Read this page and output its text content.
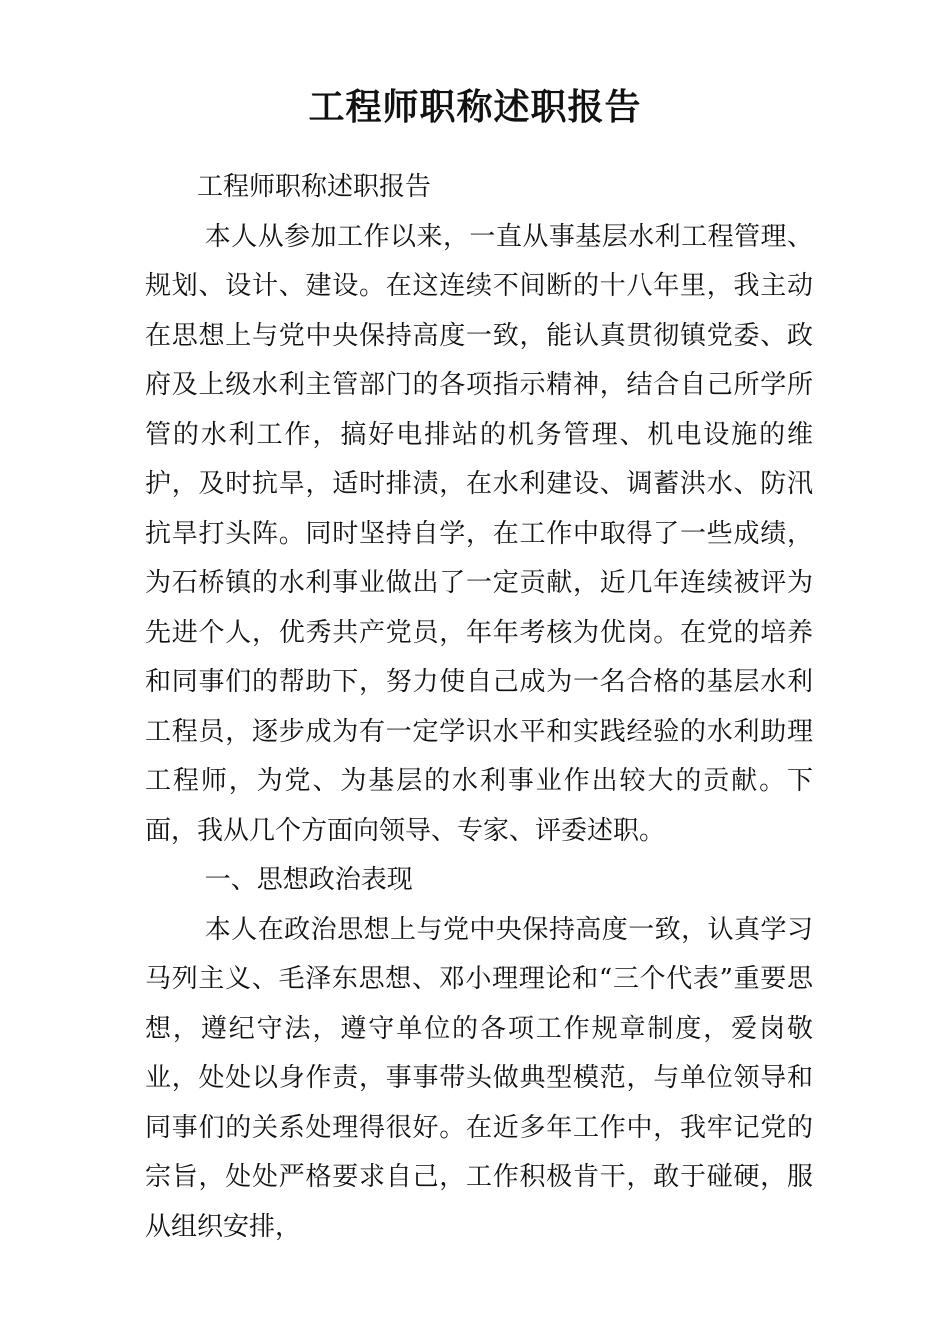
工程师职称述职报告

工程师职称述职报告

本人从参加工作以来，一直从事基层水利工程管理、规划、设计、建设。在这连续不间断的十八年里，我主动在思想上与党中央保持高度一致，能认真贯彻镇党委、政府及上级水利主管部门的各项指示精神，结合自己所学所管的水利工作，搞好电排站的机务管理、机电设施的维护，及时抗旱，适时排渍，在水利建设、调蓄洪水、防汛抗旱打头阵。同时坚持自学，在工作中取得了一些成绩，为石桥镇的水利事业做出了一定贡献，近几年连续被评为先进个人，优秀共产党员，年年考核为优岗。在党的培养和同事们的帮助下，努力使自己成为一名合格的基层水利工程员，逐步成为有一定学识水平和实践经验的水利助理工程师，为党、为基层的水利事业作出较大的贡献。下面，我从几个方面向领导、专家、评委述职。

一、思想政治表现

本人在政治思想上与党中央保持高度一致，认真学习马列主义、毛泽东思想、邓小理理论和“三个代表”重要思想，遵纪守法，遵守单位的各项工作规章制度，爱岗敬业，处处以身作责，事事带头做典型模范，与单位领导和同事们的关系处理得很好。在近多年工作中，我牢记党的宗旨，处处严格要求自己，工作积极肯干，敢于碰硬，服从组织安排，
